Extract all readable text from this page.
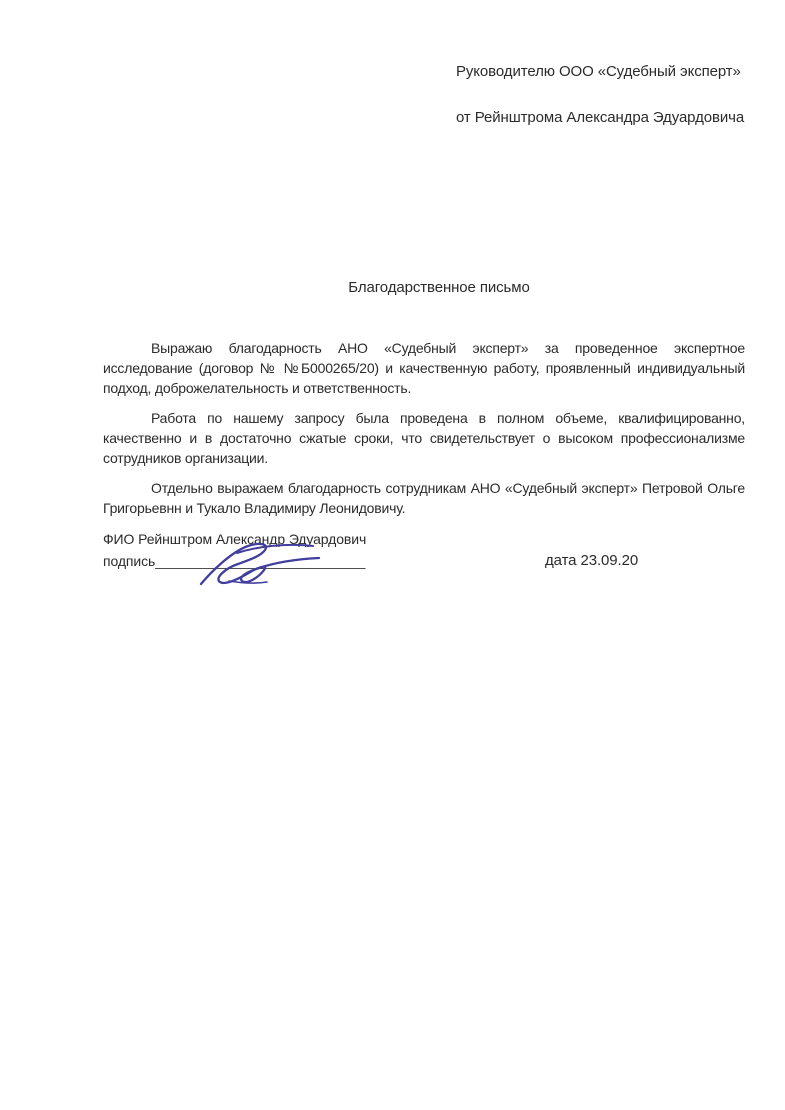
Руководителю ООО «Судебный эксперт»
от Рейнштрома Александра Эдуардовича
Благодарственное письмо

Выражаю благодарность АНО «Судебный эксперт» за проведенное экспертное исследование (договор № №Б000265/20) и качественную работу, проявленный индивидуальный подход, доброжелательность и ответственность.

Работа по нашему запросу была проведена в полном объеме, квалифицированно, качественно и в достаточно сжатые сроки, что свидетельствует о высоком профессионализме сотрудников организации.

Отдельно выражаем благодарность сотрудникам АНО «Судебный эксперт» Петровой Ольге Григорьевнн и Тукало Владимиру Леонидовичу.

ФИО Рейнштром Александр Эдуардович
подпись___________________________	дата 23.09.20
